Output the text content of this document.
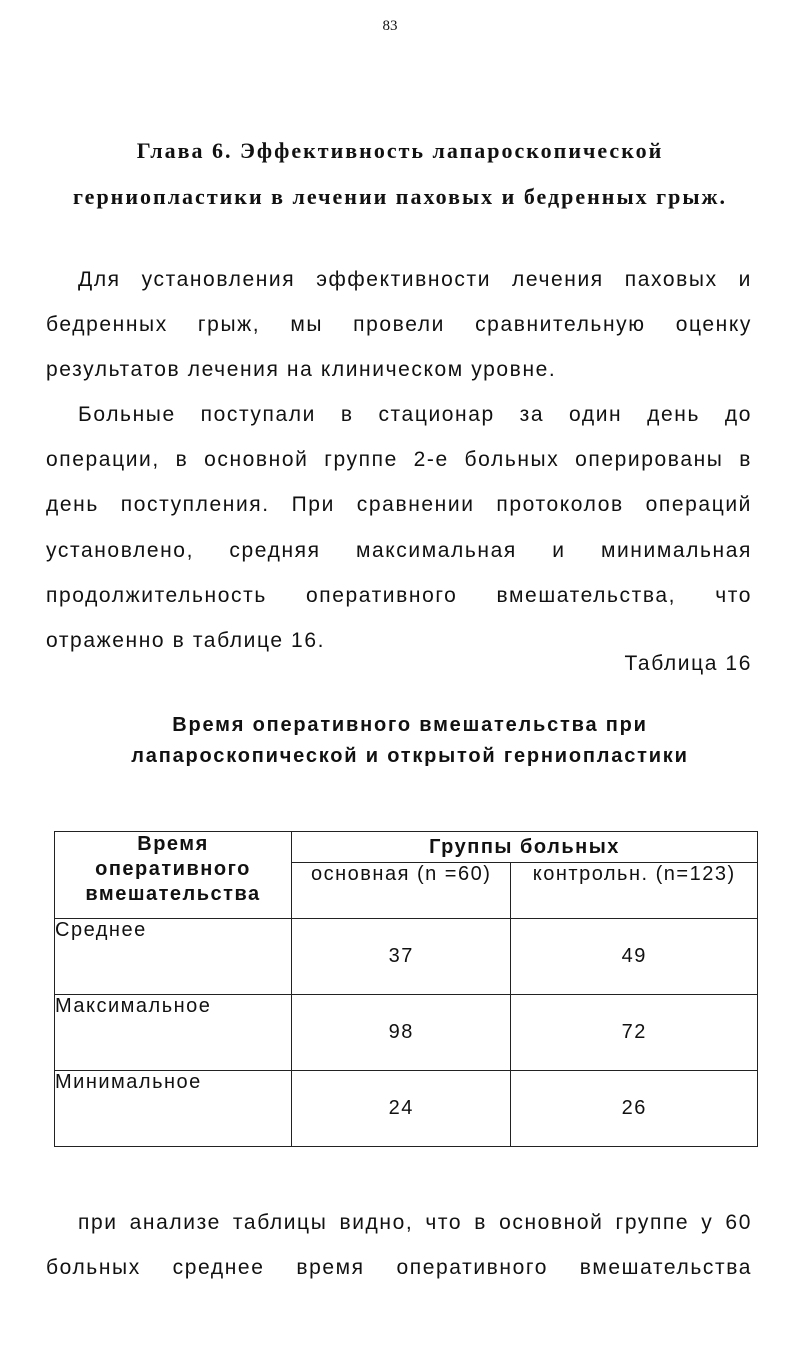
83
Глава 6. Эффективность лапароскопической
герниопластики в лечении паховых и бедренных грыж.
Для установления эффективности лечения паховых и
бедренных грыж, мы провели сравнительную оценку
результатов лечения на клиническом уровне.
Больные поступали в стационар за один день до
операции, в основной группе 2-е больных оперированы в
день поступления. При сравнении протоколов операций
установлено, средняя максимальная и минимальная
продолжительность оперативного вмешательства, что
отраженно в таблице 16.
Таблица 16
Время оперативного вмешательства при
лапароскопической и открытой герниопластики
Время
оперативного
вмешательства	Группы больных	
	основная (n =60)	контрольн. (n=123)
Среднее	37	49
Максимальное	98	72
Минимальное	24	26
при анализе таблицы видно, что в основной группе у 60
больных среднее время оперативного вмешательства
